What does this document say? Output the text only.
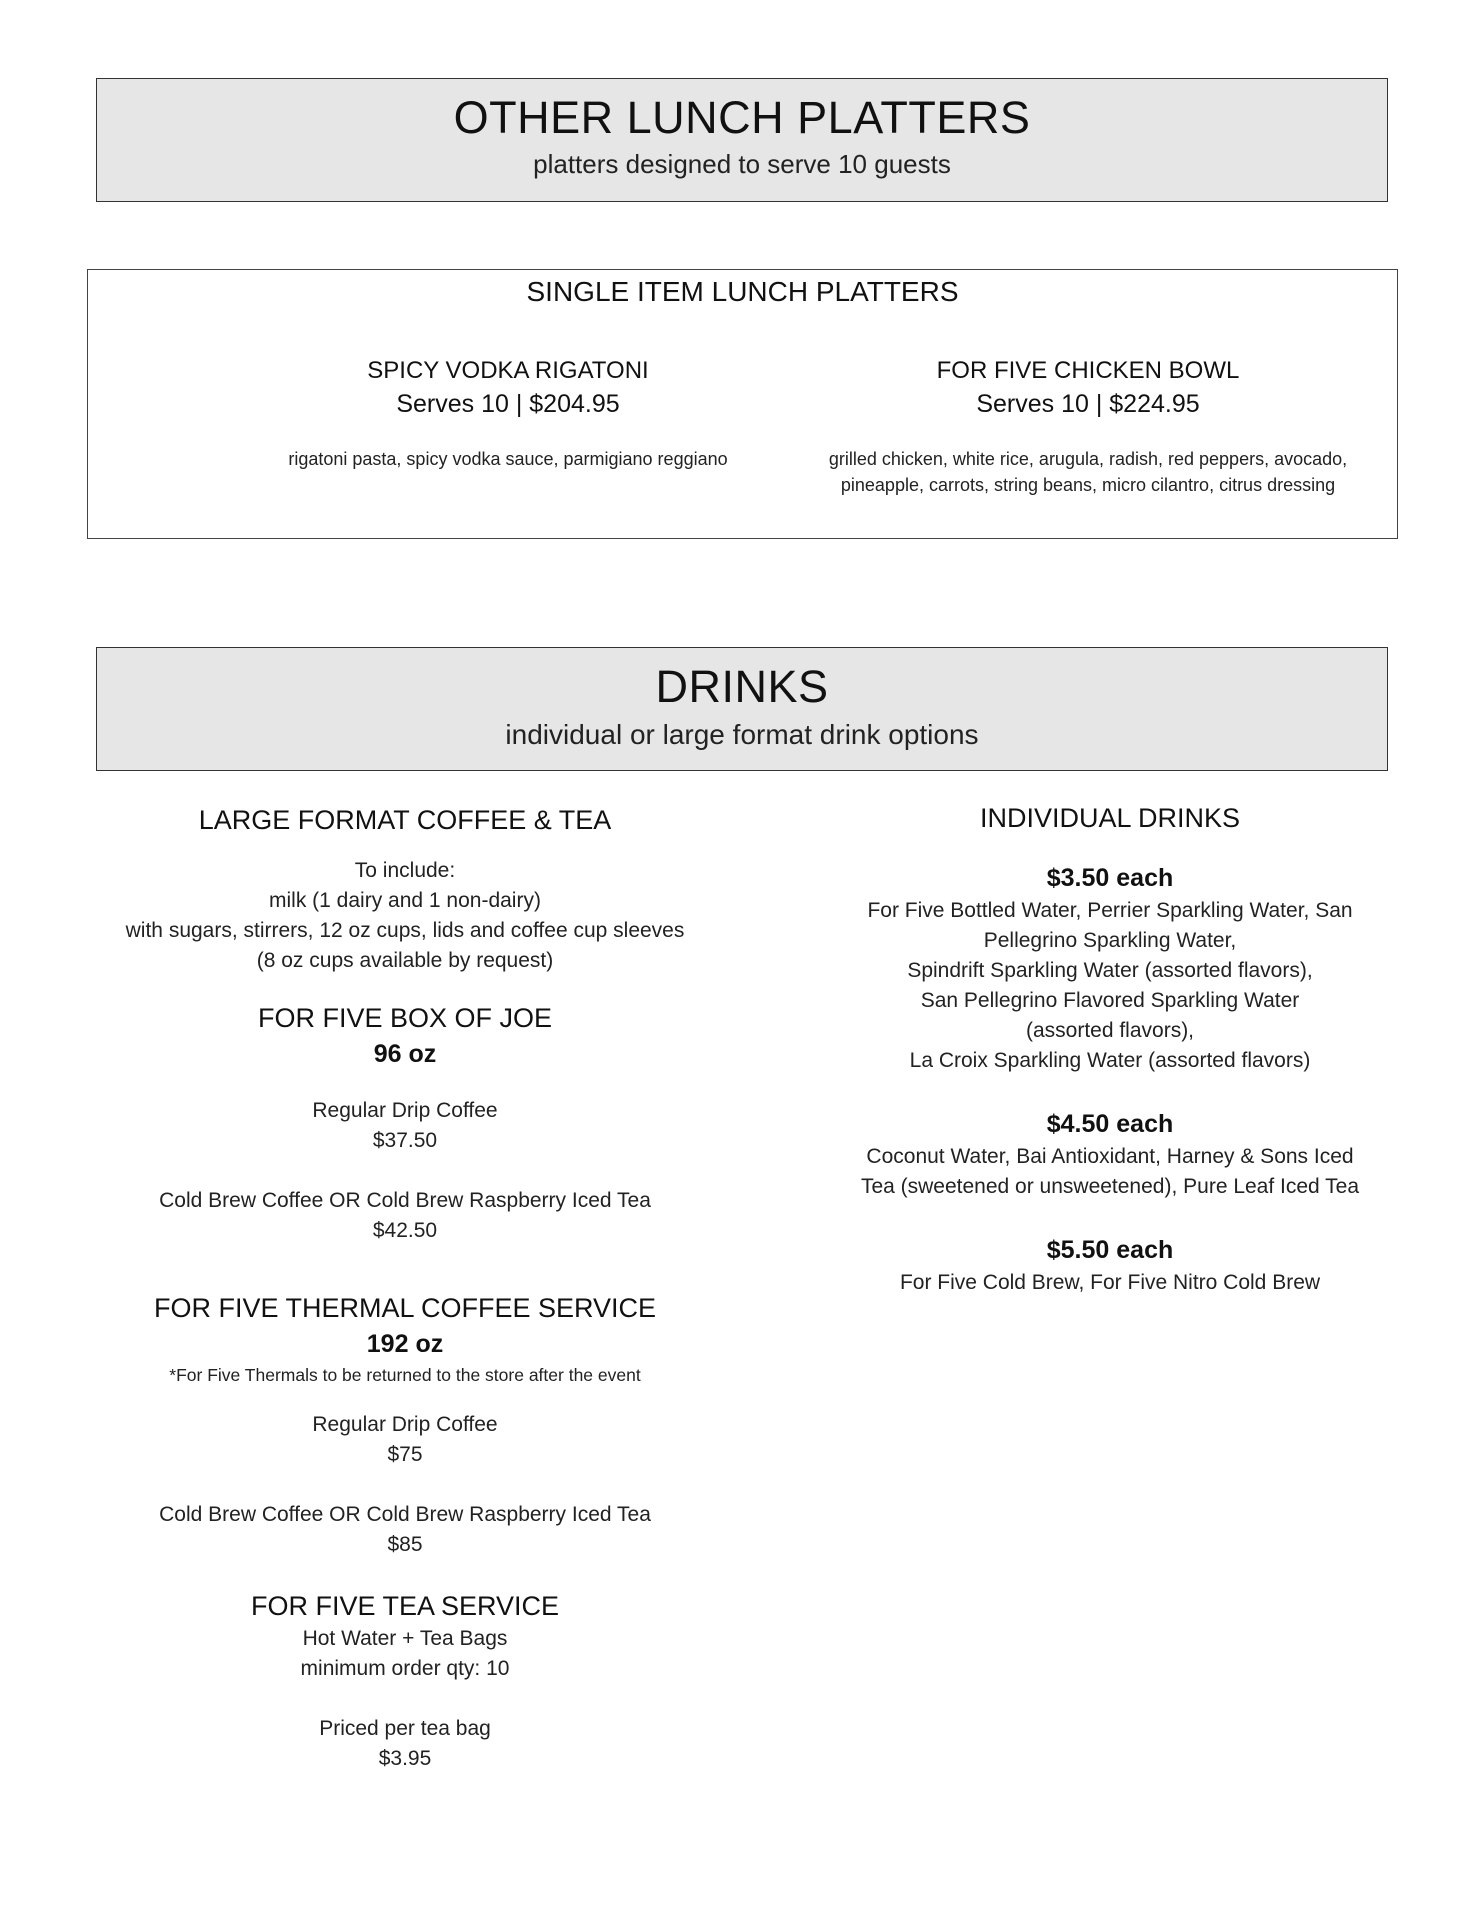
OTHER LUNCH PLATTERS
platters designed to serve 10 guests
SINGLE ITEM LUNCH PLATTERS
SPICY VODKA RIGATONI
Serves 10 | $204.95
rigatoni pasta, spicy vodka sauce, parmigiano reggiano
FOR FIVE CHICKEN BOWL
Serves 10 | $224.95
grilled chicken, white rice, arugula, radish, red peppers, avocado,
pineapple, carrots, string beans, micro cilantro, citrus dressing
DRINKS
individual or large format drink options
LARGE FORMAT COFFEE & TEA
To include:
milk (1 dairy and 1 non-dairy)
with sugars, stirrers, 12 oz cups, lids and coffee cup sleeves
(8 oz cups available by request)
FOR FIVE BOX OF JOE
96 oz
Regular Drip Coffee
$37.50
Cold Brew Coffee OR Cold Brew Raspberry Iced Tea
$42.50
FOR FIVE THERMAL COFFEE SERVICE
192 oz
*For Five Thermals to be returned to the store after the event
Regular Drip Coffee
$75
Cold Brew Coffee OR Cold Brew Raspberry Iced Tea
$85
FOR FIVE TEA SERVICE
Hot Water + Tea Bags
minimum order qty: 10
Priced per tea bag
$3.95
INDIVIDUAL DRINKS
$3.50 each
For Five Bottled Water, Perrier Sparkling Water, San
Pellegrino Sparkling Water,
Spindrift Sparkling Water (assorted flavors),
San Pellegrino Flavored Sparkling Water
(assorted flavors),
La Croix Sparkling Water (assorted flavors)
$4.50 each
Coconut Water, Bai Antioxidant, Harney & Sons Iced
Tea (sweetened or unsweetened), Pure Leaf Iced Tea
$5.50 each
For Five Cold Brew, For Five Nitro Cold Brew
